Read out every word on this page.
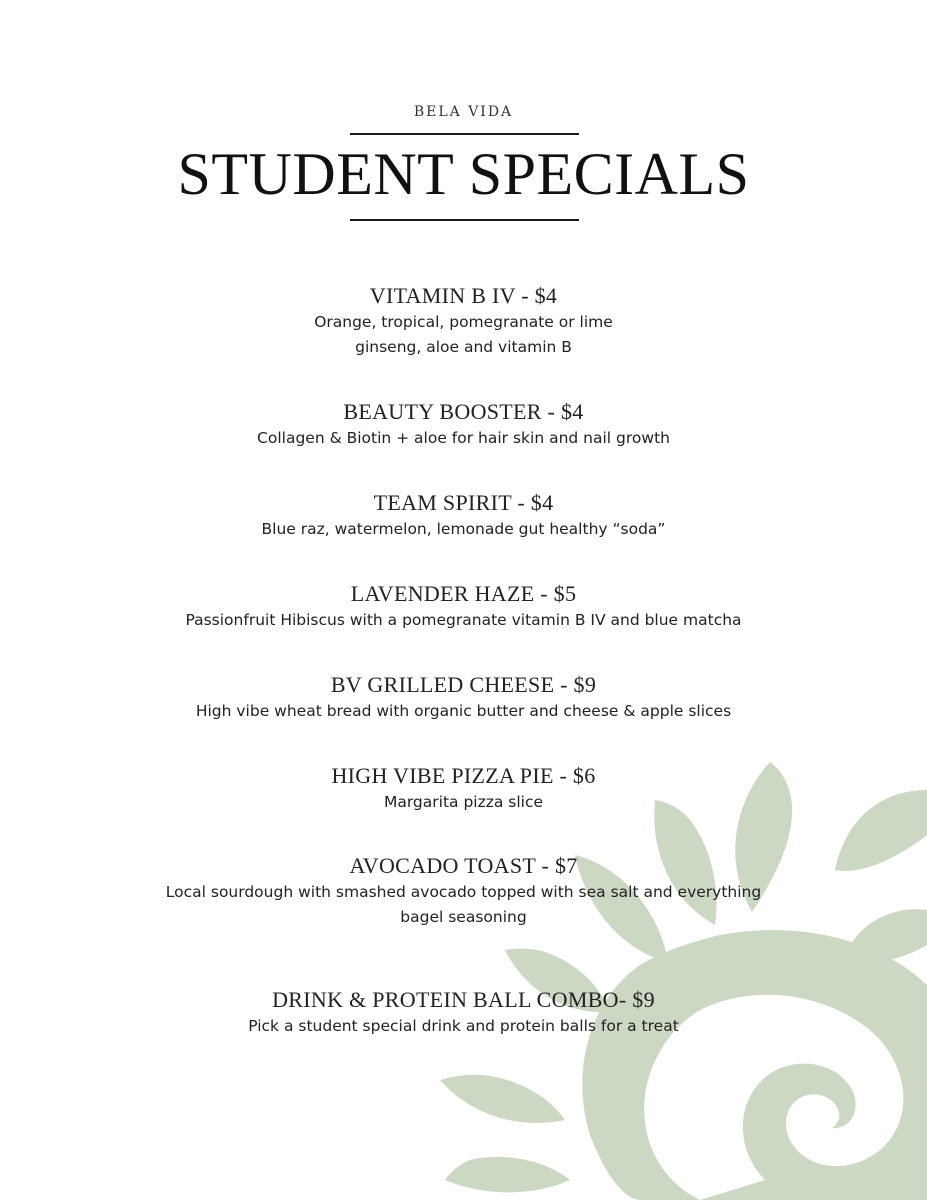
BELA VIDA
STUDENT SPECIALS
VITAMIN B IV - $4
Orange, tropical, pomegranate or lime
ginseng, aloe and vitamin B
BEAUTY BOOSTER - $4
Collagen & Biotin + aloe for hair skin and nail growth
TEAM SPIRIT - $4
Blue raz, watermelon, lemonade gut healthy “soda”
LAVENDER HAZE - $5
Passionfruit Hibiscus with a pomegranate vitamin B IV and blue matcha
BV GRILLED CHEESE - $9
High vibe wheat bread with organic butter and cheese & apple slices
HIGH VIBE PIZZA PIE - $6
Margarita pizza slice
AVOCADO TOAST - $7
Local sourdough with smashed avocado topped with sea salt and everything
bagel seasoning
DRINK & PROTEIN BALL COMBO- $9
Pick a student special drink and protein balls for a treat
